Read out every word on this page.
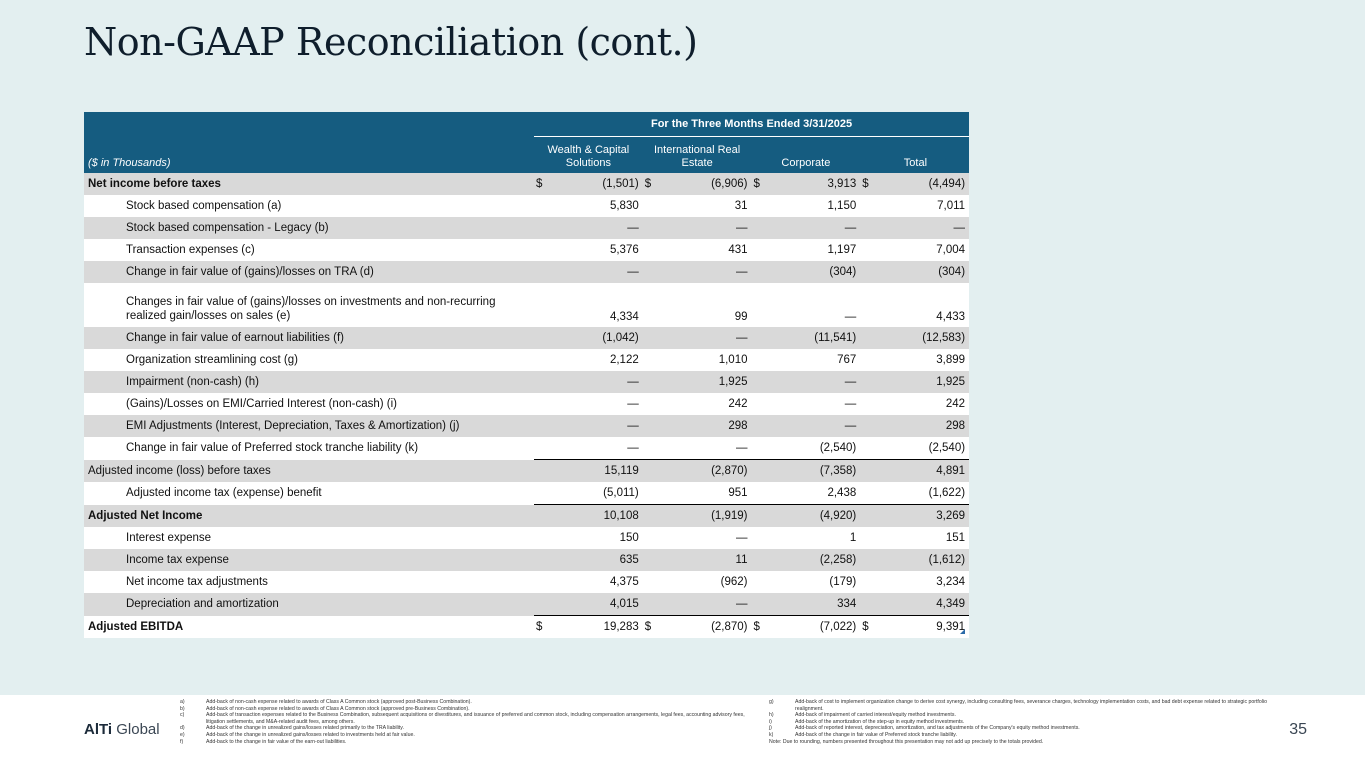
Non-GAAP Reconciliation (cont.)
	For the Three Months Ended 3/31/2025			
($ in Thousands)	Wealth & Capital Solutions	International Real Estate	Corporate	Total
Net income before taxes	$ (1,501)	$ (6,906)	$ 3,913	$ (4,494)
Stock based compensation (a)	5,830	31	1,150	7,011
Stock based compensation - Legacy (b)	—	—	—	—
Transaction expenses (c)	5,376	431	1,197	7,004
Change in fair value of (gains)/losses on TRA (d)	—	—	(304)	(304)
Changes in fair value of (gains)/losses on investments and non-recurring realized gain/losses on sales (e)	4,334	99	—	4,433
Change in fair value of earnout liabilities (f)	(1,042)	—	(11,541)	(12,583)
Organization streamlining cost (g)	2,122	1,010	767	3,899
Impairment (non-cash) (h)	—	1,925	—	1,925
(Gains)/Losses on EMI/Carried Interest (non-cash) (i)	—	242	—	242
EMI Adjustments (Interest, Depreciation, Taxes & Amortization) (j)	—	298	—	298
Change in fair value of Preferred stock tranche liability (k)	—	—	(2,540)	(2,540)
Adjusted income (loss) before taxes	15,119	(2,870)	(7,358)	4,891
Adjusted income tax (expense) benefit	(5,011)	951	2,438	(1,622)
Adjusted Net Income	10,108	(1,919)	(4,920)	3,269
Interest expense	150	—	1	151
Income tax expense	635	11	(2,258)	(1,612)
Net income tax adjustments	4,375	(962)	(179)	3,234
Depreciation and amortization	4,015	—	334	4,349
Adjusted EBITDA	$ 19,283	$ (2,870)	$ (7,022)	$ 9,391
AlTi Global
a)	Add-back of non-cash expense related to awards of Class A Common stock (approved post-Business Combination).
b)	Add-back of non-cash expense related to awards of Class A Common stock (approved pre-Business Combination).
c)	Add-back of transaction expenses related to the Business Combination, subsequent acquisitions or divestitures, and issuance of preferred and common stock, including compensation arrangements, legal fees, accounting advisory fees, litigation settlements, and M&A-related audit fees, among others.
d)	Add-back of the change in unrealized gains/losses related primarily to the TRA liability.
e)	Add-back of the change in unrealized gains/losses related to investments held at fair value.
f)	Add-back to the change in fair value of the earn-out liabilities.
g)	Add-back of cost to implement organization change to derive cost synergy, including consulting fees, severance charges, technology implementation costs, and bad debt expense related to strategic portfolio realignment.
h)	Add-back of impairment of carried interest/equity method investments.
i)	Add-back of the amortization of the step-up in equity method investments.
j)	Add-back of reported interest, depreciation, amortization, and tax adjustments of the Company's equity method investments.
k)	Add-back of the change in fair value of Preferred stock tranche liability.
Note: Due to rounding, numbers presented throughout this presentation may not add up precisely to the totals provided.
35
